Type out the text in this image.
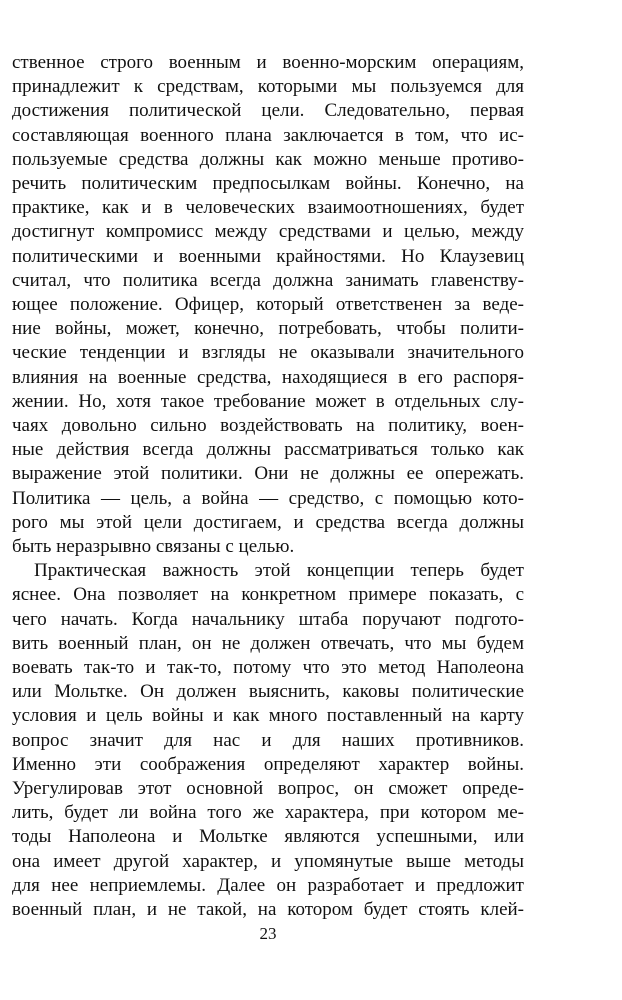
ственное строго военным и военно-морским операциям,
принадлежит к средствам, которыми мы пользуемся для
достижения политической цели. Следовательно, первая
составляющая военного плана заключается в том, что ис-
пользуемые средства должны как можно меньше противо-
речить политическим предпосылкам войны. Конечно, на
практике, как и в человеческих взаимоотношениях, будет
достигнут компромисс между средствами и целью, между
политическими и военными крайностями. Но Клаузевиц
считал, что политика всегда должна занимать главенству-
ющее положение. Офицер, который ответственен за веде-
ние войны, может, конечно, потребовать, чтобы полити-
ческие тенденции и взгляды не оказывали значительного
влияния на военные средства, находящиеся в его распоря-
жении. Но, хотя такое требование может в отдельных слу-
чаях довольно сильно воздействовать на политику, воен-
ные действия всегда должны рассматриваться только как
выражение этой политики. Они не должны ее опережать.
Политика — цель, а война — средство, с помощью кото-
рого мы этой цели достигаем, и средства всегда должны
быть неразрывно связаны с целью.
Практическая важность этой концепции теперь будет
яснее. Она позволяет на конкретном примере показать, с
чего начать. Когда начальнику штаба поручают подгото-
вить военный план, он не должен отвечать, что мы будем
воевать так-то и так-то, потому что это метод Наполеона
или Мольтке. Он должен выяснить, каковы политические
условия и цель войны и как много поставленный на карту
вопрос значит для нас и для наших противников.
Именно эти соображения определяют характер войны.
Урегулировав этот основной вопрос, он сможет опреде-
лить, будет ли война того же характера, при котором ме-
тоды Наполеона и Мольтке являются успешными, или
она имеет другой характер, и упомянутые выше методы
для нее неприемлемы. Далее он разработает и предложит
военный план, и не такой, на котором будет стоять клей-
23
